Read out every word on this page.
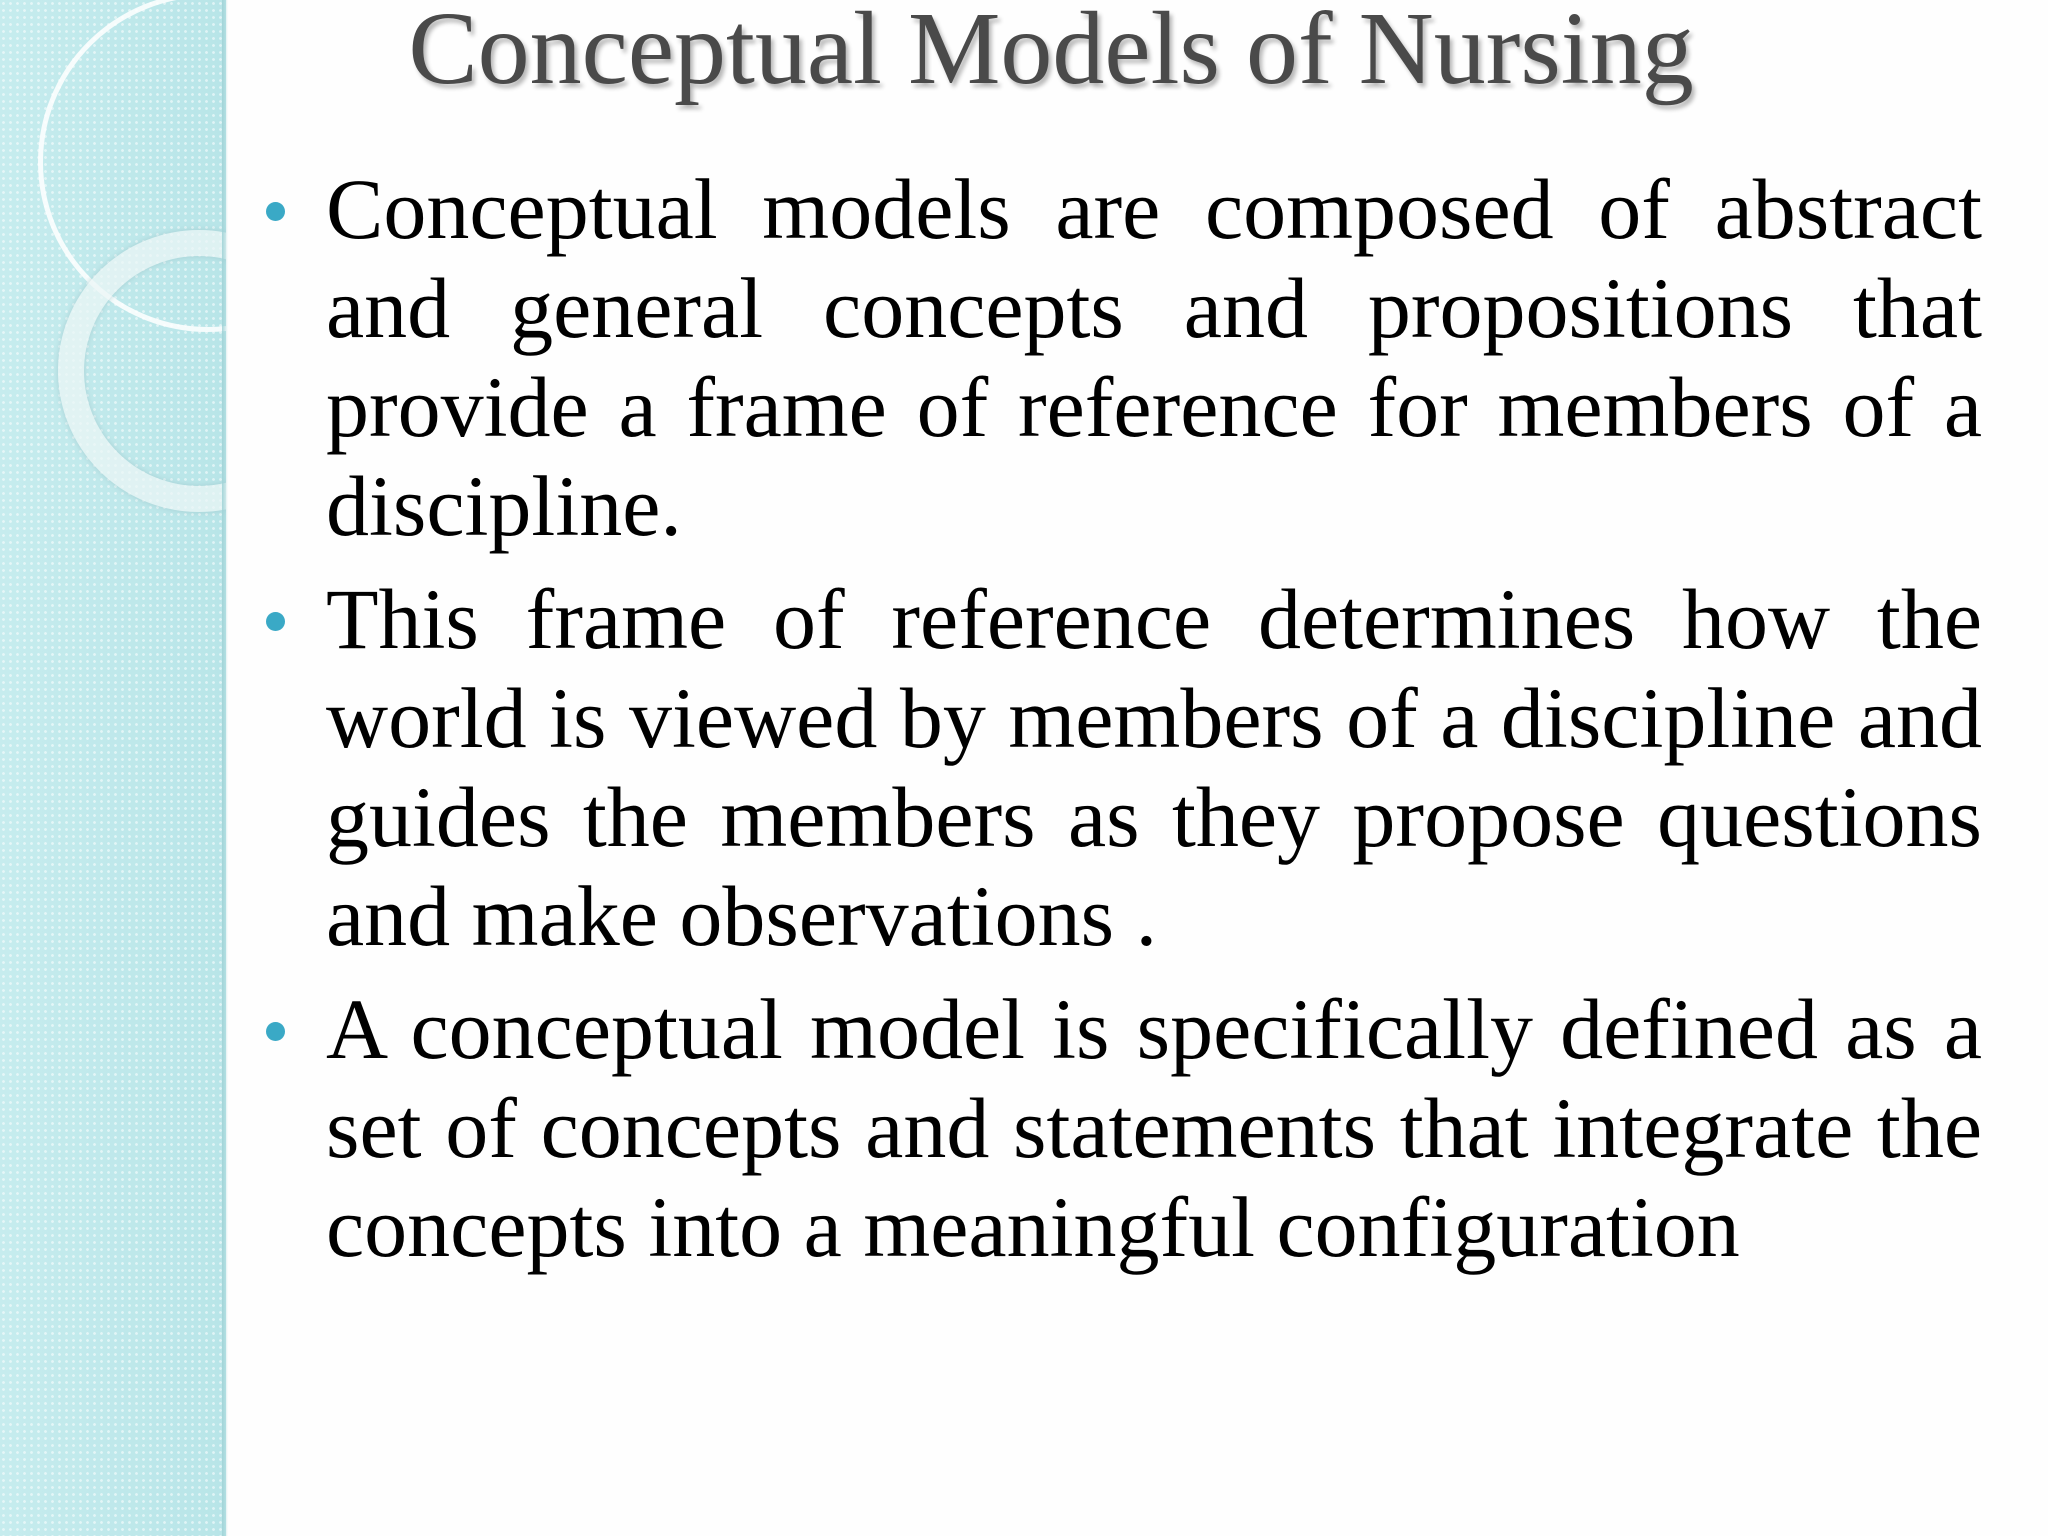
Conceptual Models of Nursing
Conceptual models are composed of abstract and general concepts and propositions that provide a frame of reference for members of a discipline.
This frame of reference determines how the world is viewed by members of a discipline and guides the members as they propose questions and make observations .
A conceptual model is specifically defined as a set of concepts and statements that integrate the concepts into a meaningful configuration
